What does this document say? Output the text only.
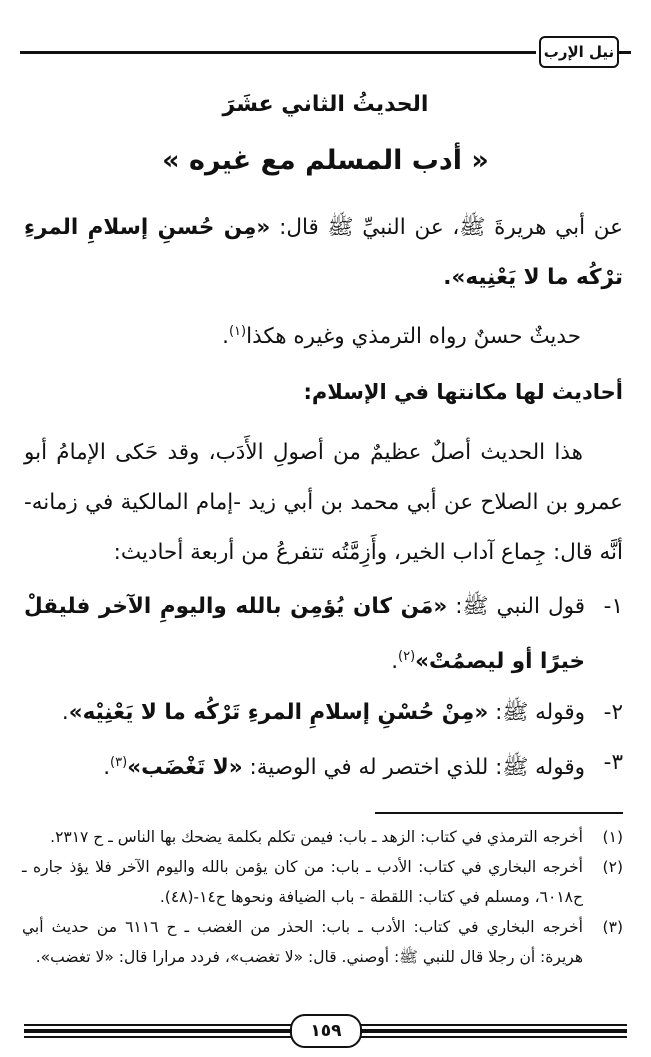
نيل الإرب
الحديثُ الثاني عشَرَ
« أدب المسلم مع غيره »
عن أبي هريرةَ ﷺ، عن النبيِّ ﷺ قال: «مِن حُسنِ إسلامِ المرءِ ترْكُه ما لا يَعْنِيه».
حديثٌ حسنٌ رواه الترمذي وغيره هكذا$^{(١)}$.
أحاديث لها مكانتها في الإسلام:
هذا الحديث أصلٌ عظيمٌ من أصولِ الأَدَب، وقد حَكى الإمامُ أبو عمرو بن الصلاح عن أبي محمد بن أبي زيد -إمام المالكية في زمانه- أنَّه قال: جِماع آداب الخير، وأَزِمَّتُه تتفرعُ من أربعة أحاديث:
١-
قول النبي ﷺ: «مَن كان يُؤمِن بالله واليومِ الآخر فليقلْ خيرًا أو ليصمُتْ»$^{(٢)}$.
٢-
وقوله ﷺ: «مِنْ حُسْنِ إسلامِ المرءِ تَرْكُه ما لا يَعْنِيْه».
٣-
وقوله ﷺ: للذي اختصر له في الوصية: «لا تَغْضَب»$^{(٣)}$.
(١)
أخرجه الترمذي في كتاب: الزهد ـ باب: فيمن تكلم بكلمة يضحك بها الناس ـ ح ٢٣١٧.
(٢)
أخرجه البخاري في كتاب: الأدب ـ باب: من كان يؤمن بالله واليوم الآخر فلا يؤذ جاره ـ ح٦٠١٨، ومسلم في كتاب: اللقطة - باب الضيافة ونحوها ح١٤-(٤٨).
(٣)
أخرجه البخاري في كتاب: الأدب ـ باب: الحذر من الغضب ـ ح ٦١١٦ من حديث أبي هريرة: أن رجلا قال للنبي ﷺ: أوصني. قال: «لا تغضب»، فردد مرارا قال: «لا تغضب».
١٥٩
